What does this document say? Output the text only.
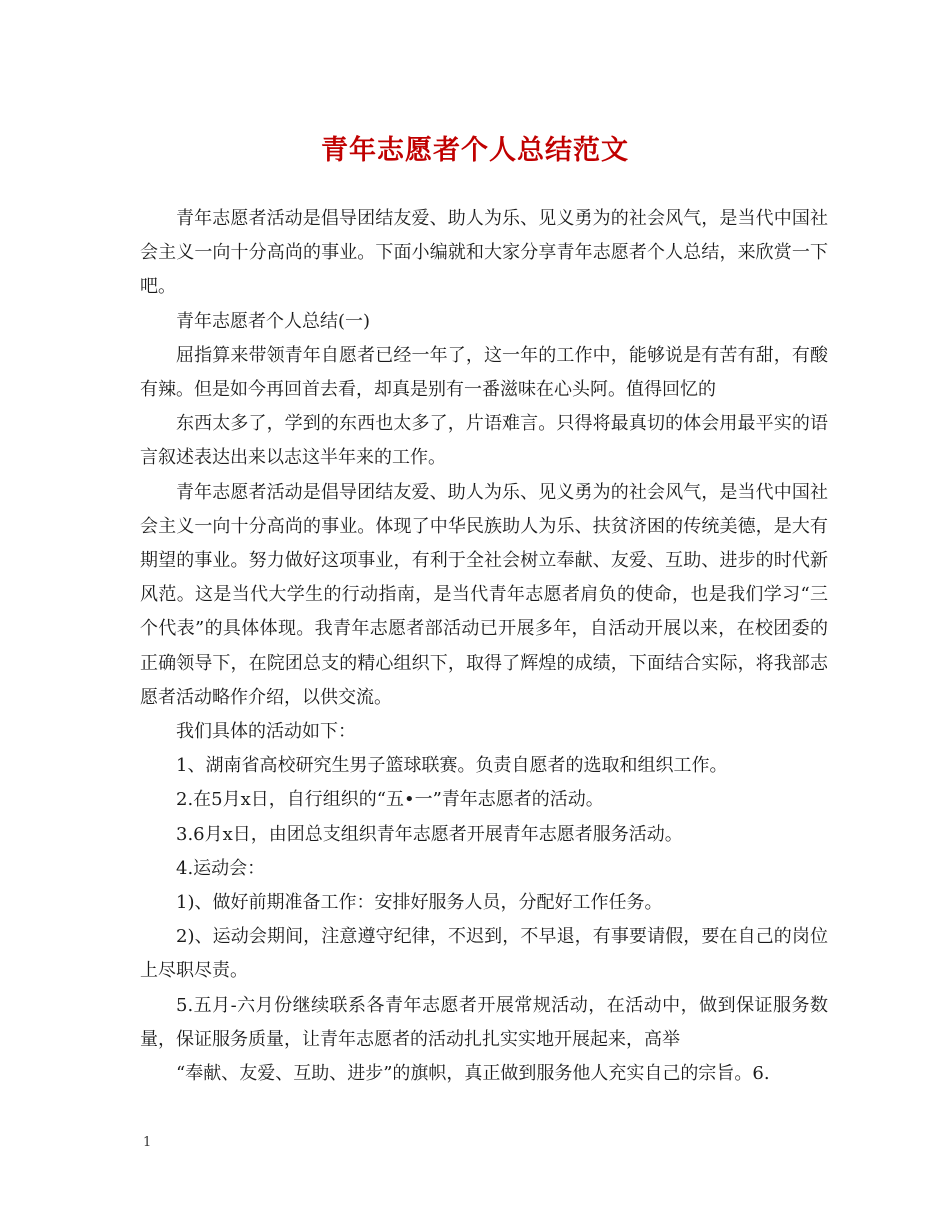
青年志愿者个人总结范文

青年志愿者活动是倡导团结友爱、助人为乐、见义勇为的社会风气，是当代中国社会主义一向十分高尚的事业。下面小编就和大家分享青年志愿者个人总结，来欣赏一下吧。

青年志愿者个人总结(一)

屈指算来带领青年自愿者已经一年了，这一年的工作中，能够说是有苦有甜，有酸有辣。但是如今再回首去看，却真是别有一番滋味在心头阿。值得回忆的

东西太多了，学到的东西也太多了，片语难言。只得将最真切的体会用最平实的语言叙述表达出来以志这半年来的工作。

青年志愿者活动是倡导团结友爱、助人为乐、见义勇为的社会风气，是当代中国社会主义一向十分高尚的事业。体现了中华民族助人为乐、扶贫济困的传统美德，是大有期望的事业。努力做好这项事业，有利于全社会树立奉献、友爱、互助、进步的时代新风范。这是当代大学生的行动指南，是当代青年志愿者肩负的使命，也是我们学习“三个代表”的具体体现。我青年志愿者部活动已开展多年，自活动开展以来，在校团委的正确领导下，在院团总支的精心组织下，取得了辉煌的成绩，下面结合实际，将我部志愿者活动略作介绍，以供交流。

我们具体的活动如下：

1、湖南省高校研究生男子篮球联赛。负责自愿者的选取和组织工作。

2.在5月x日，自行组织的“五•一”青年志愿者的活动。

3.6月x日，由团总支组织青年志愿者开展青年志愿者服务活动。

4.运动会：

1)、做好前期准备工作：安排好服务人员，分配好工作任务。

2)、运动会期间，注意遵守纪律，不迟到，不早退，有事要请假，要在自己的岗位上尽职尽责。

5.五月-六月份继续联系各青年志愿者开展常规活动，在活动中，做到保证服务数量，保证服务质量，让青年志愿者的活动扎扎实实地开展起来，高举

“奉献、友爱、互助、进步”的旗帜，真正做到服务他人充实自己的宗旨。6.

1
